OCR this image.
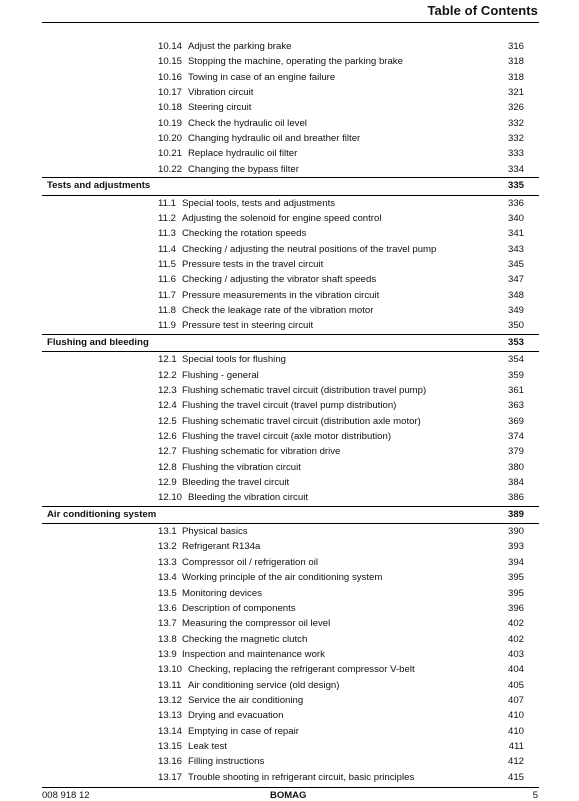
Table of Contents
10.14 Adjust the parking brake	316
10.15 Stopping the machine, operating the parking brake	318
10.16 Towing in case of an engine failure	318
10.17 Vibration circuit	321
10.18 Steering circuit	326
10.19 Check the hydraulic oil level	332
10.20 Changing hydraulic oil and breather filter	332
10.21 Replace hydraulic oil filter	333
10.22 Changing the bypass filter	334
Tests and adjustments	335
11.1 Special tools, tests and adjustments	336
11.2 Adjusting the solenoid for engine speed control	340
11.3 Checking the rotation speeds	341
11.4 Checking / adjusting the neutral positions of the travel pump	343
11.5 Pressure tests in the travel circuit	345
11.6 Checking / adjusting the vibrator shaft speeds	347
11.7 Pressure measurements in the vibration circuit	348
11.8 Check the leakage rate of the vibration motor	349
11.9 Pressure test in steering circuit	350
Flushing and bleeding	353
12.1 Special tools for flushing	354
12.2 Flushing - general	359
12.3 Flushing schematic travel circuit (distribution travel pump)	361
12.4 Flushing the travel circuit (travel pump distribution)	363
12.5 Flushing schematic travel circuit (distribution axle motor)	369
12.6 Flushing the travel circuit (axle motor distribution)	374
12.7 Flushing schematic for vibration drive	379
12.8 Flushing the vibration circuit	380
12.9 Bleeding the travel circuit	384
12.10 Bleeding the vibration circuit	386
Air conditioning system	389
13.1 Physical basics	390
13.2 Refrigerant R134a	393
13.3 Compressor oil / refrigeration oil	394
13.4 Working principle of the air conditioning system	395
13.5 Monitoring devices	395
13.6 Description of components	396
13.7 Measuring the compressor oil level	402
13.8 Checking the magnetic clutch	402
13.9 Inspection and maintenance work	403
13.10 Checking, replacing the refrigerant compressor V-belt	404
13.11 Air conditioning service (old design)	405
13.12 Service the air conditioning	407
13.13 Drying and evacuation	410
13.14 Emptying in case of repair	410
13.15 Leak test	411
13.16 Filling instructions	412
13.17 Trouble shooting in refrigerant circuit, basic principles	415
008 918 12	BOMAG	5
